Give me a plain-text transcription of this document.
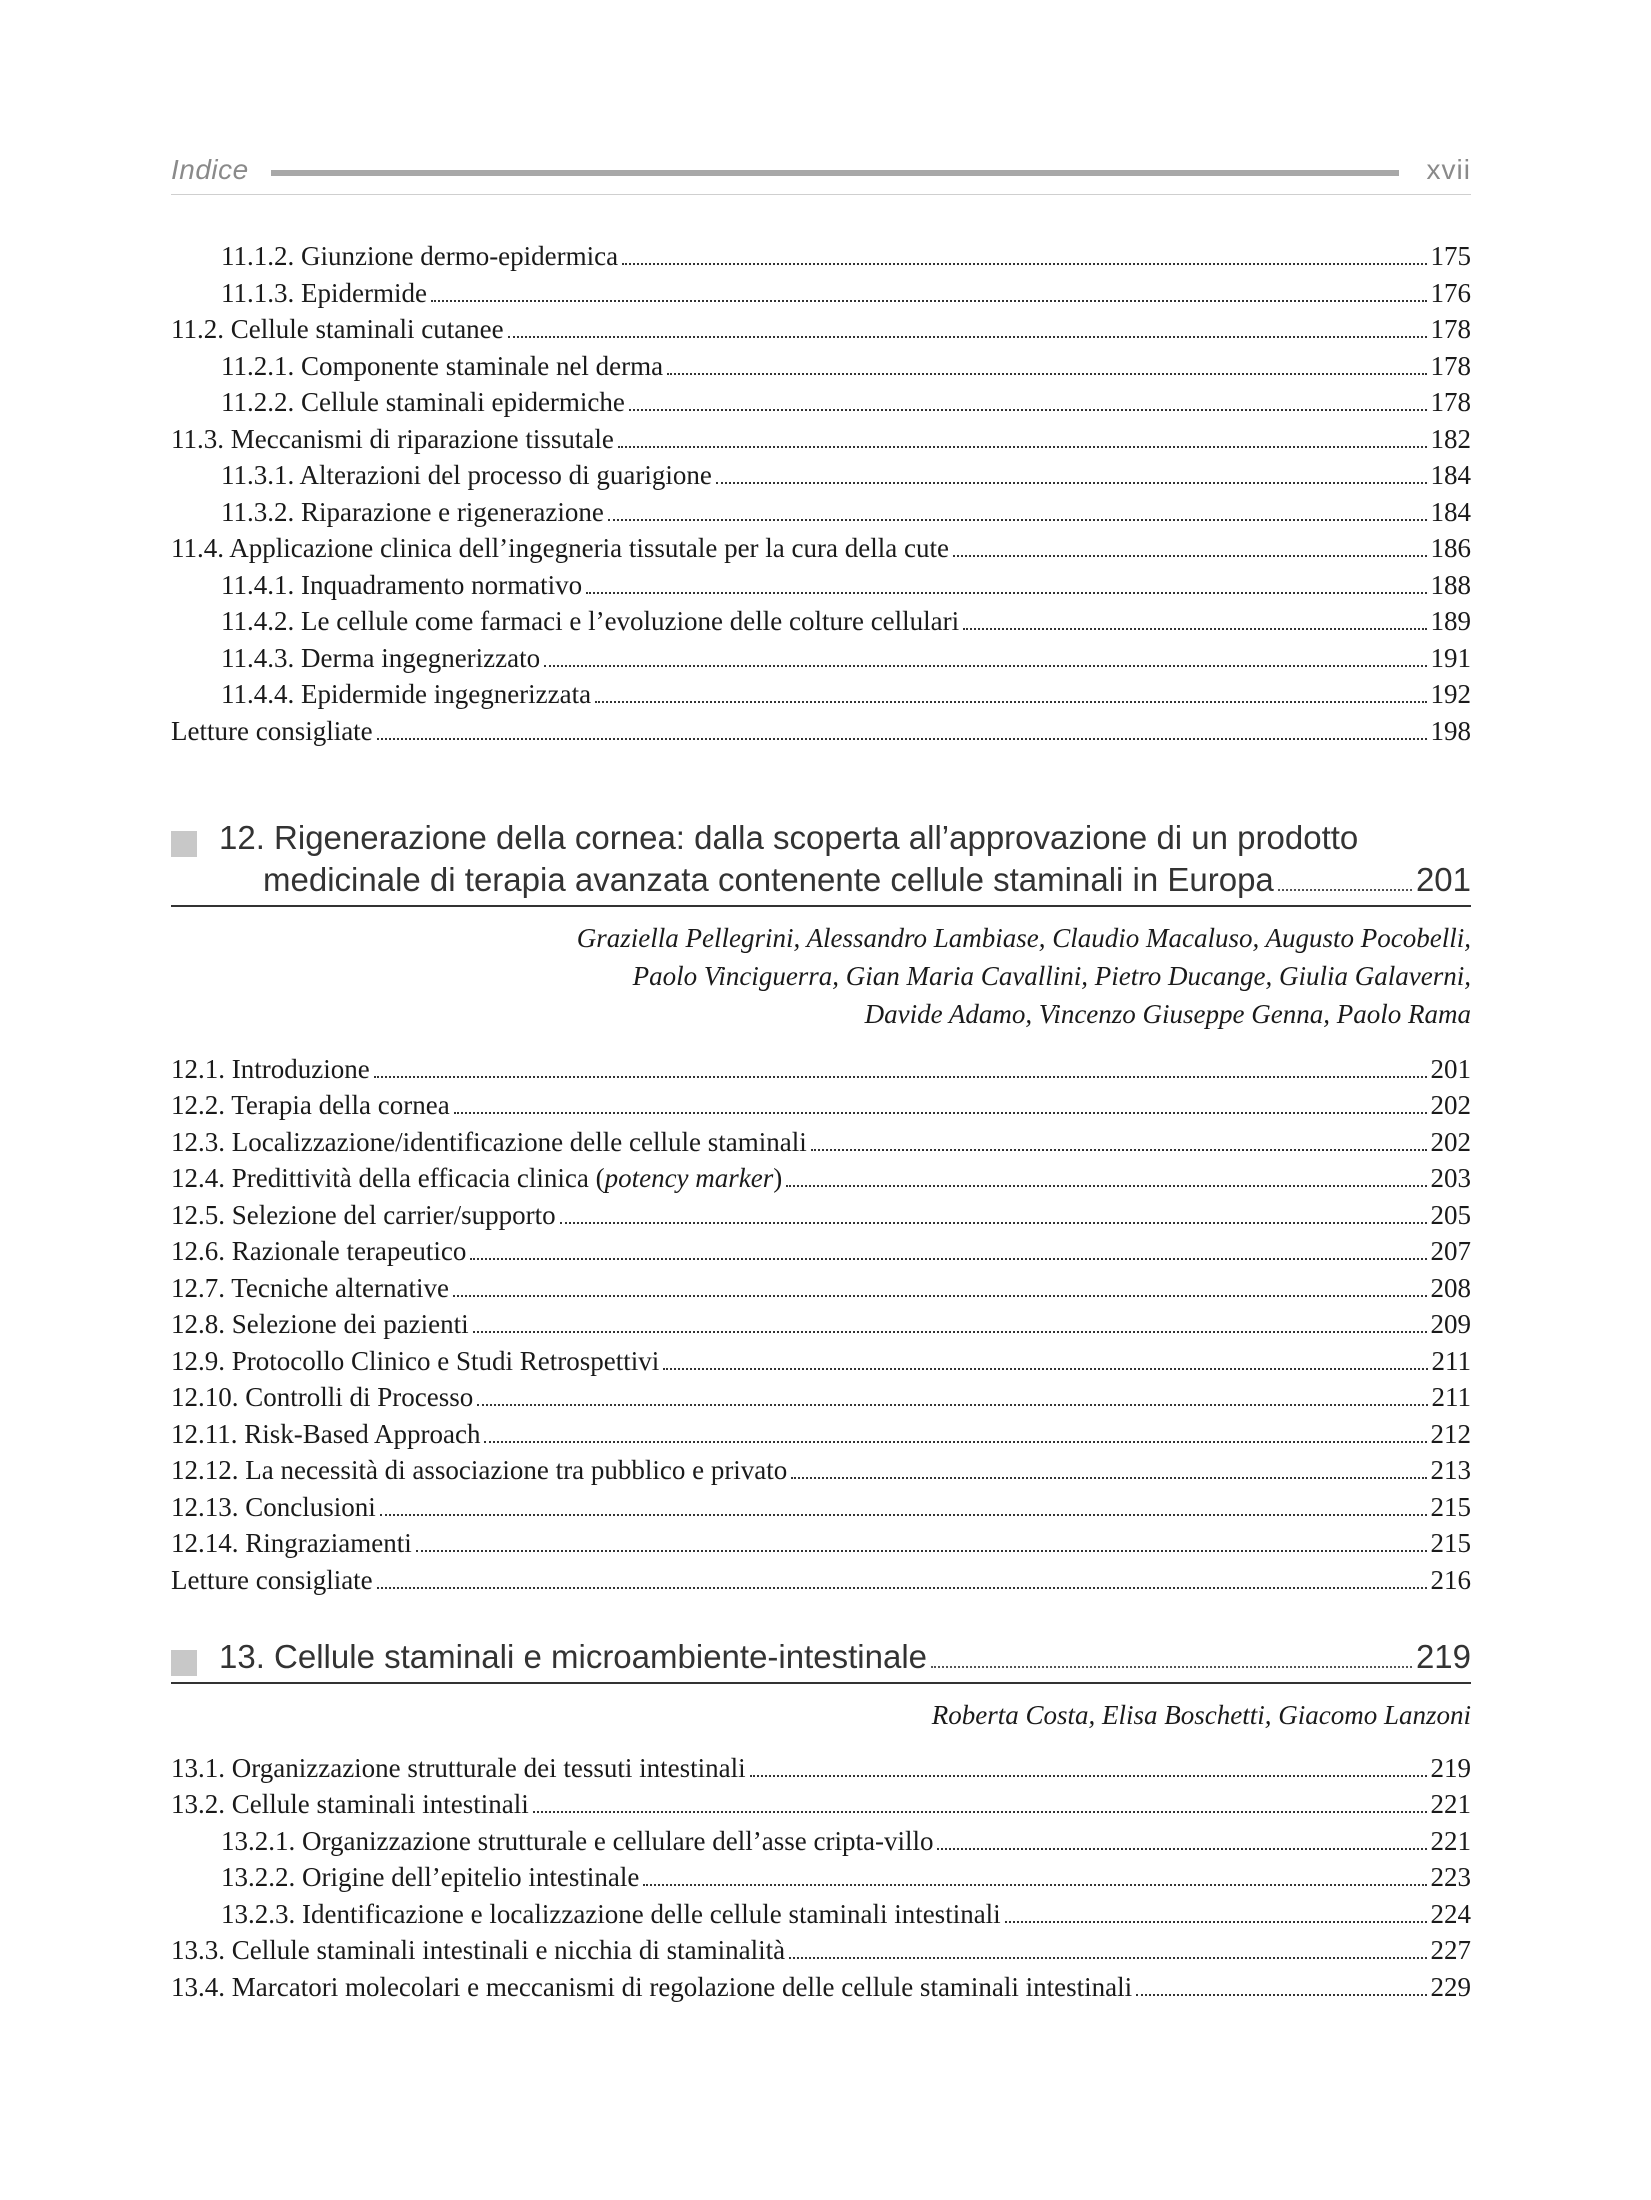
Indice	xvii
11.1.2. Giunzione dermo-epidermica	175
11.1.3. Epidermide	176
11.2. Cellule staminali cutanee	178
11.2.1. Componente staminale nel derma	178
11.2.2. Cellule staminali epidermiche	178
11.3. Meccanismi di riparazione tissutale	182
11.3.1. Alterazioni del processo di guarigione	184
11.3.2. Riparazione e rigenerazione	184
11.4. Applicazione clinica dell’ingegneria tissutale per la cura della cute	186
11.4.1. Inquadramento normativo	188
11.4.2. Le cellule come farmaci e l’evoluzione delle colture cellulari	189
11.4.3. Derma ingegnerizzato	191
11.4.4. Epidermide ingegnerizzata	192
Letture consigliate	198
12. Rigenerazione della cornea: dalla scoperta all’approvazione di un prodotto
medicinale di terapia avanzata contenente cellule staminali in Europa	201
Graziella Pellegrini, Alessandro Lambiase, Claudio Macaluso, Augusto Pocobelli,
Paolo Vinciguerra, Gian Maria Cavallini, Pietro Ducange, Giulia Galaverni,
Davide Adamo, Vincenzo Giuseppe Genna, Paolo Rama
12.1. Introduzione	201
12.2. Terapia della cornea	202
12.3. Localizzazione/identificazione delle cellule staminali	202
12.4. Predittività della efficacia clinica (potency marker)	203
12.5. Selezione del carrier/supporto	205
12.6. Razionale terapeutico	207
12.7. Tecniche alternative	208
12.8. Selezione dei pazienti	209
12.9. Protocollo Clinico e Studi Retrospettivi	211
12.10. Controlli di Processo	211
12.11. Risk-Based Approach	212
12.12. La necessità di associazione tra pubblico e privato	213
12.13. Conclusioni	215
12.14. Ringraziamenti	215
Letture consigliate	216
13. Cellule staminali e microambiente-intestinale	219
Roberta Costa, Elisa Boschetti, Giacomo Lanzoni
13.1. Organizzazione strutturale dei tessuti intestinali	219
13.2. Cellule staminali intestinali	221
13.2.1. Organizzazione strutturale e cellulare dell’asse cripta-villo	221
13.2.2. Origine dell’epitelio intestinale	223
13.2.3. Identificazione e localizzazione delle cellule staminali intestinali	224
13.3. Cellule staminali intestinali e nicchia di staminalità	227
13.4. Marcatori molecolari e meccanismi di regolazione delle cellule staminali intestinali	229
